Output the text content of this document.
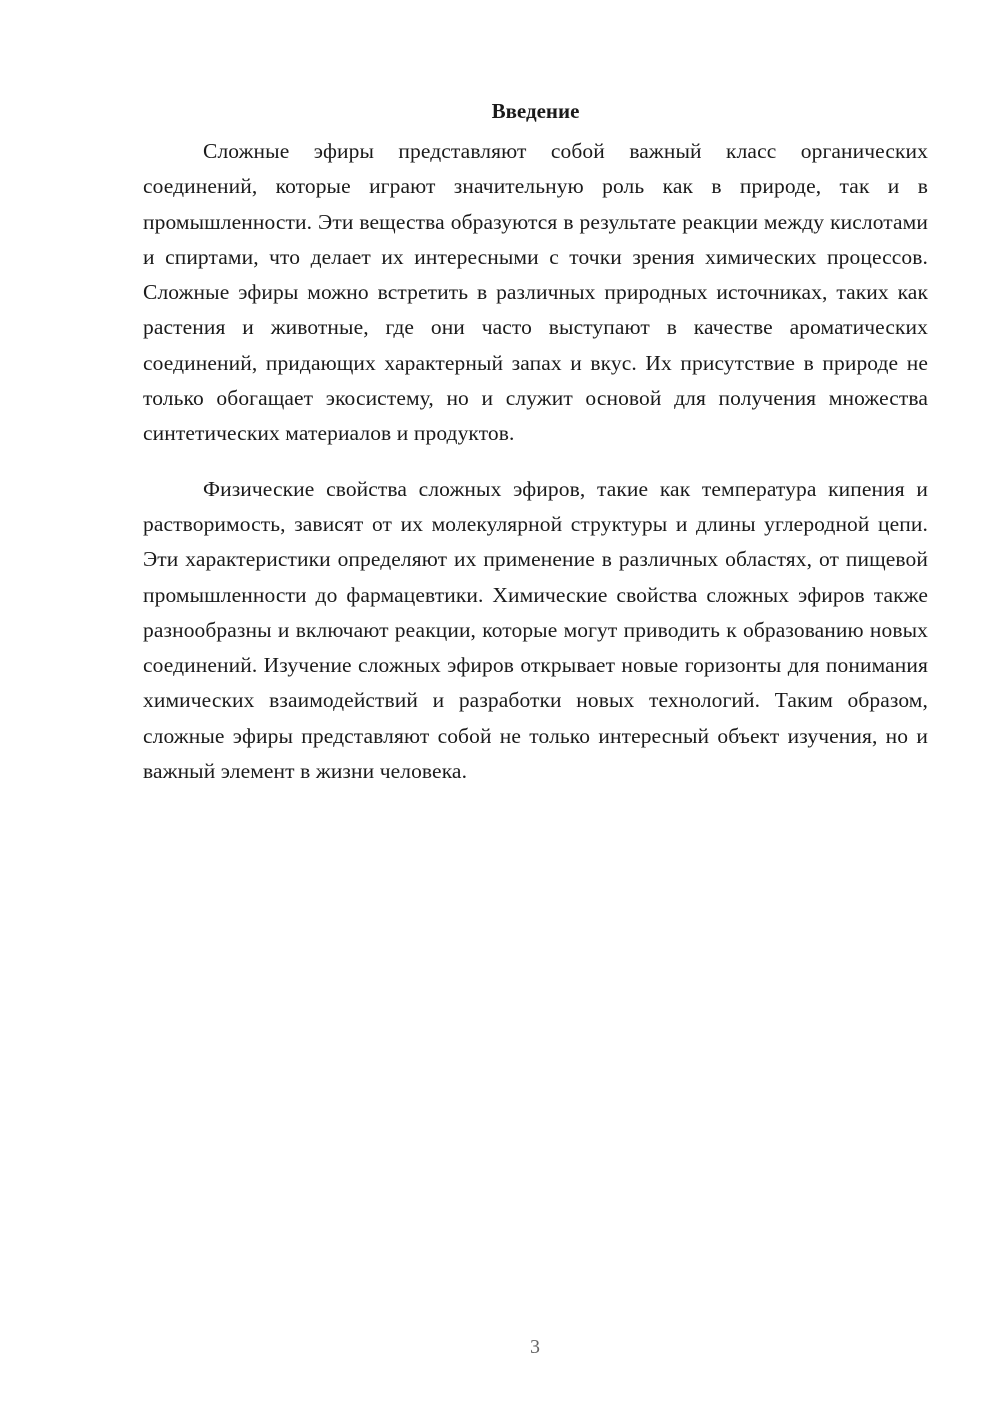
Введение

Сложные эфиры представляют собой важный класс органических соединений, которые играют значительную роль как в природе, так и в промышленности. Эти вещества образуются в результате реакции между кислотами и спиртами, что делает их интересными с точки зрения химических процессов. Сложные эфиры можно встретить в различных природных источниках, таких как растения и животные, где они часто выступают в качестве ароматических соединений, придающих характерный запах и вкус. Их присутствие в природе не только обогащает экосистему, но и служит основой для получения множества синтетических материалов и продуктов.

Физические свойства сложных эфиров, такие как температура кипения и растворимость, зависят от их молекулярной структуры и длины углеродной цепи. Эти характеристики определяют их применение в различных областях, от пищевой промышленности до фармацевтики. Химические свойства сложных эфиров также разнообразны и включают реакции, которые могут приводить к образованию новых соединений. Изучение сложных эфиров открывает новые горизонты для понимания химических взаимодействий и разработки новых технологий. Таким образом, сложные эфиры представляют собой не только интересный объект изучения, но и важный элемент в жизни человека.

3
